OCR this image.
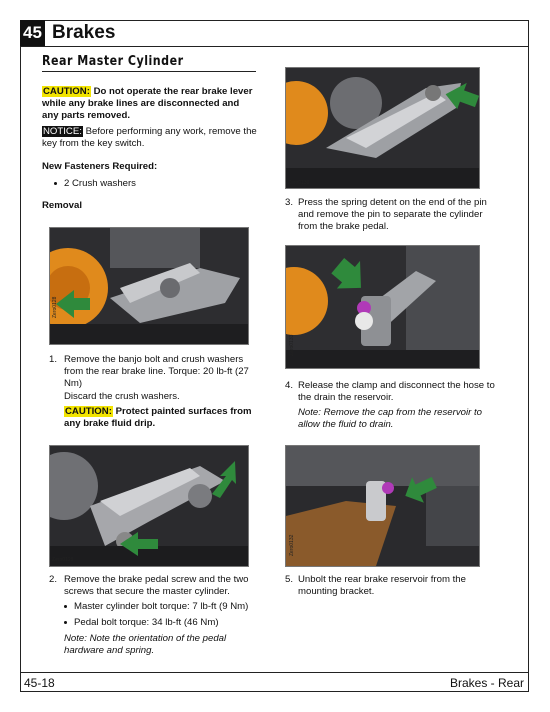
45 Brakes
Rear Master Cylinder
CAUTION: Do not operate the rear brake lever while any brake lines are disconnected and any parts removed.
NOTICE: Before performing any work, remove the key from the key switch.
New Fasteners Required:
2 Crush washers
Removal
Zero0128
1. Remove the banjo bolt and crush washers
from the rear brake line. Torque: 20 lb-ft (27
Nm)
Discard the crush washers.
CAUTION: Protect painted surfaces from any brake fluid drip.
Zero0129
2. Remove the brake pedal screw and the two
screws that secure the master cylinder.
Master cylinder bolt torque: 7 lb-ft (9 Nm)
Pedal bolt torque: 34 lb-ft (46 Nm)
Note: Note the orientation of the pedal
hardware and spring.
Zero0130
3. Press the spring detent on the end of the pin
and remove the pin to separate the cylinder
from the brake pedal.
Zero0133
4. Release the clamp and disconnect the hose to
the drain the reservoir.
Note: Remove the cap from the reservoir to
allow the fluid to drain.
Zero0132
5. Unbolt the rear brake reservoir from the
mounting bracket.
45-18	Brakes - Rear
